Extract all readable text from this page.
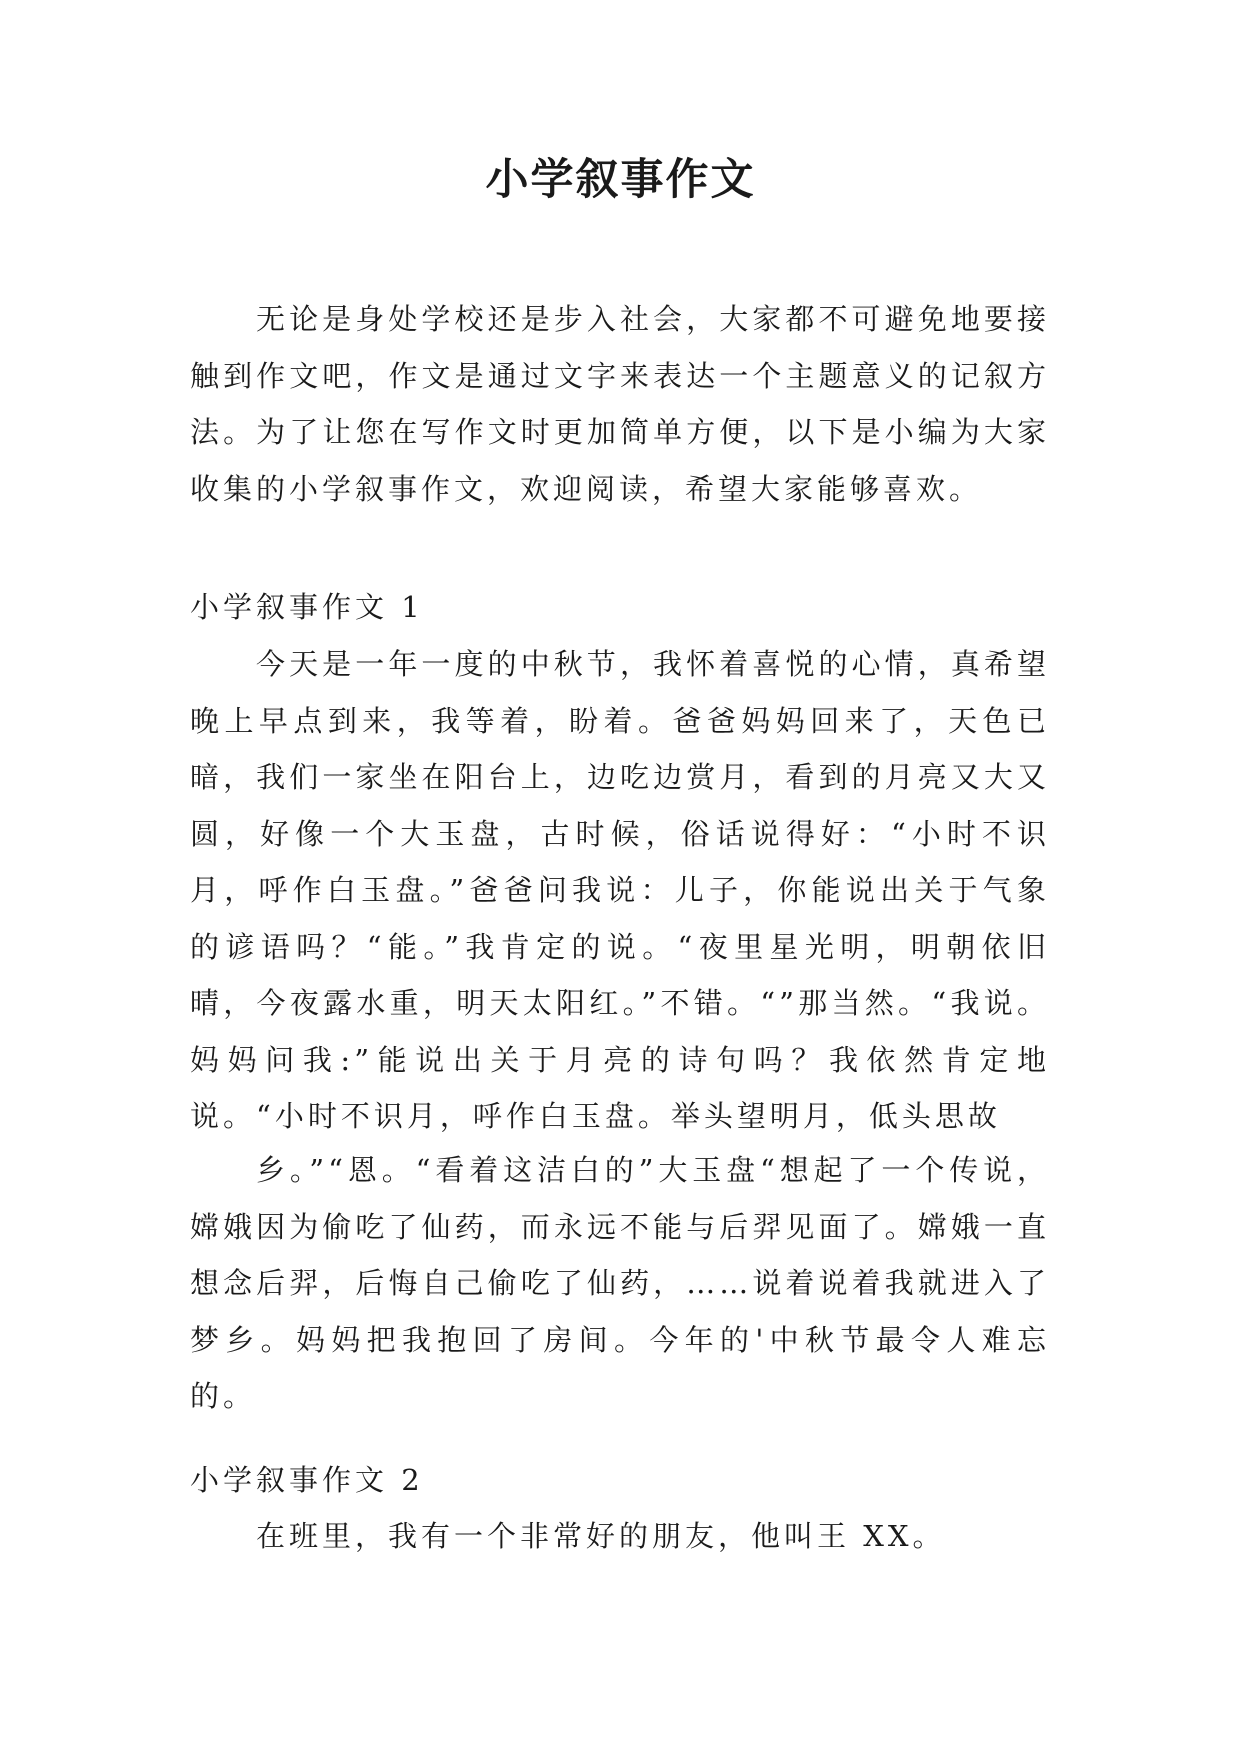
小学叙事作文

无论是身处学校还是步入社会，大家都不可避免地要接触到作文吧，作文是通过文字来表达一个主题意义的记叙方法。为了让您在写作文时更加简单方便，以下是小编为大家收集的小学叙事作文，欢迎阅读，希望大家能够喜欢。

小学叙事作文 1

今天是一年一度的中秋节，我怀着喜悦的心情，真希望晚上早点到来，我等着，盼着。爸爸妈妈回来了，天色已暗，我们一家坐在阳台上，边吃边赏月，看到的月亮又大又圆，好像一个大玉盘，古时候，俗话说得好：“小时不识月，呼作白玉盘。”爸爸问我说：儿子，你能说出关于气象的谚语吗？“能。”我肯定的说。“夜里星光明，明朝依旧晴，今夜露水重，明天太阳红。”不错。“”那当然。“我说。妈妈问我:”能说出关于月亮的诗句吗？我依然肯定地说。“小时不识月，呼作白玉盘。举头望明月，低头思故

乡。”“恩。“看着这洁白的”大玉盘“想起了一个传说，嫦娥因为偷吃了仙药，而永远不能与后羿见面了。嫦娥一直想念后羿，后悔自己偷吃了仙药，……说着说着我就进入了梦乡。妈妈把我抱回了房间。今年的'中秋节最令人难忘的。

小学叙事作文 2

在班里，我有一个非常好的朋友，他叫王 XX。
